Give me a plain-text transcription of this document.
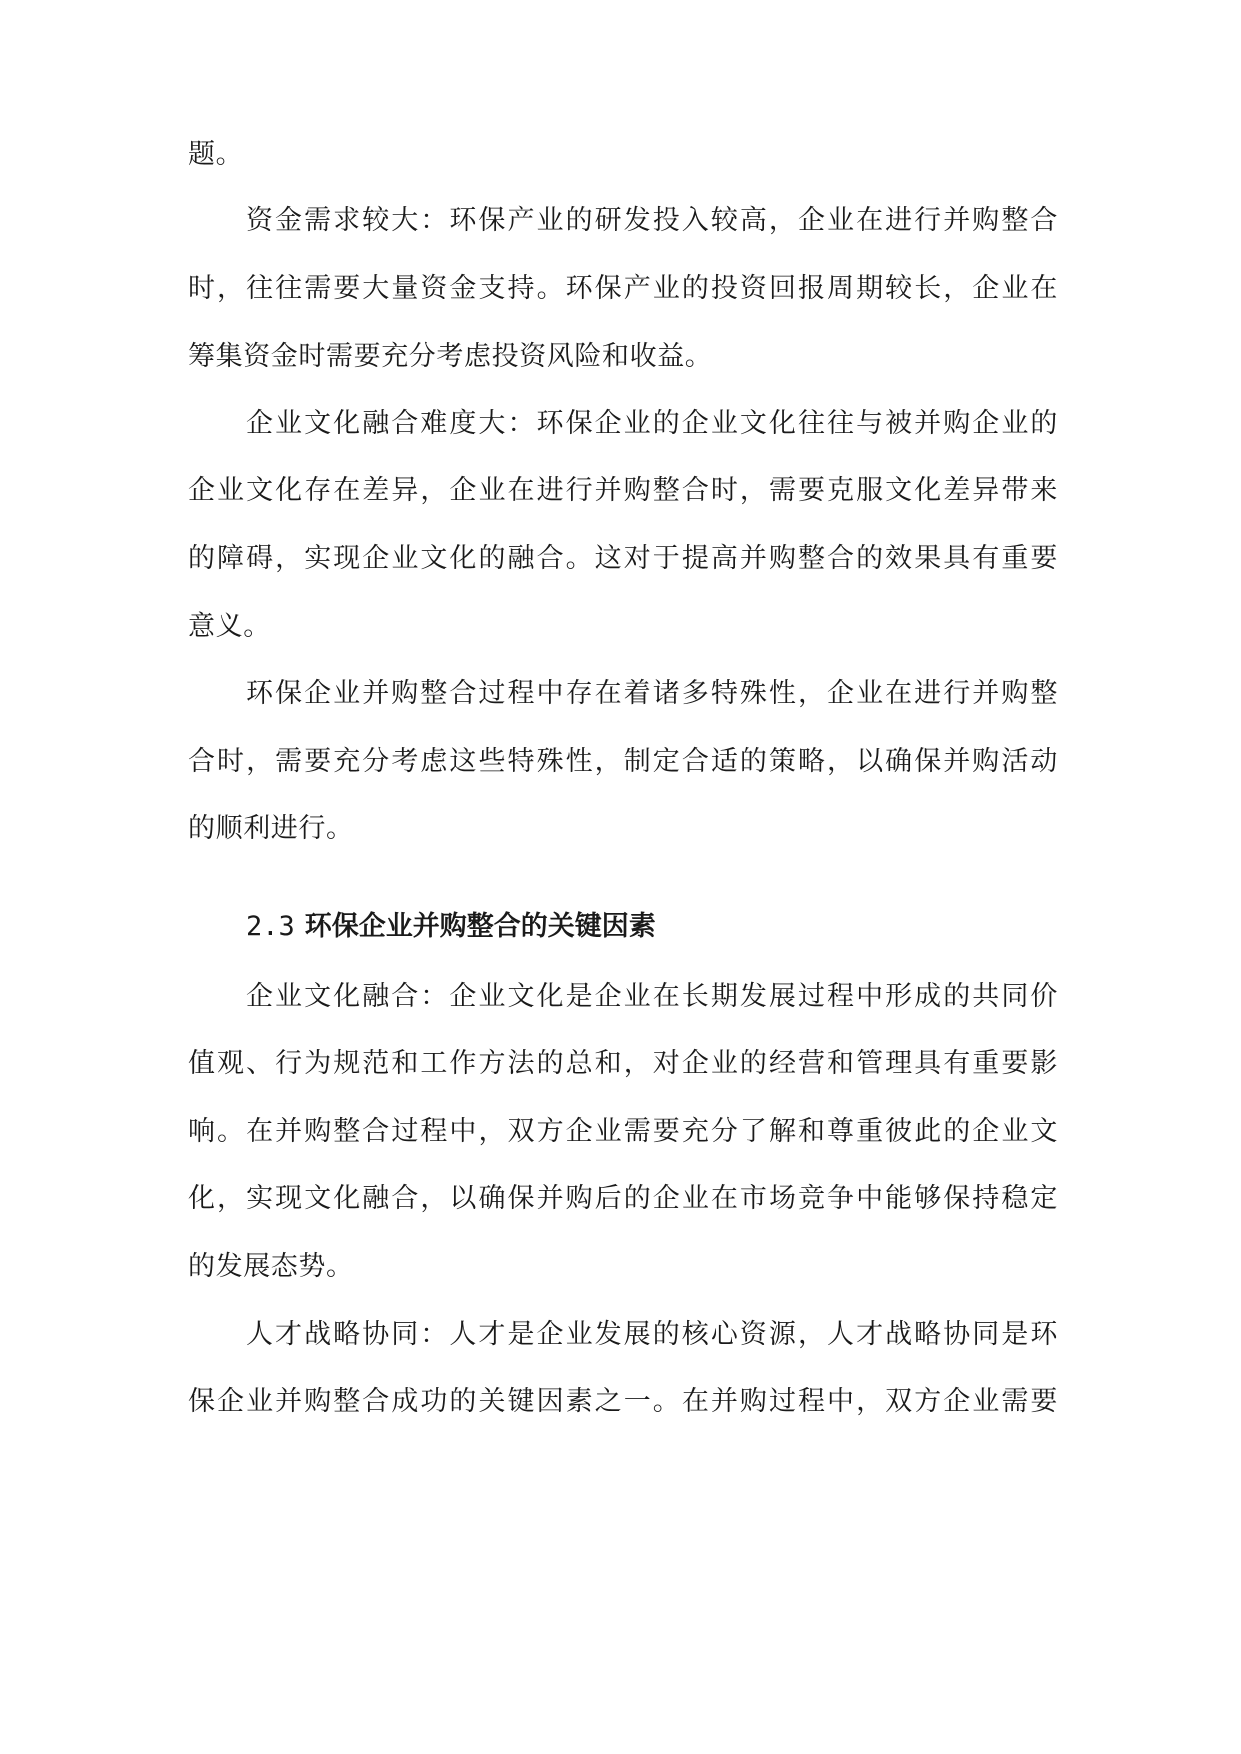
题。
资金需求较大：环保产业的研发投入较高，企业在进行并购整合
时，往往需要大量资金支持。环保产业的投资回报周期较长，企业在
筹集资金时需要充分考虑投资风险和收益。
企业文化融合难度大：环保企业的企业文化往往与被并购企业的
企业文化存在差异，企业在进行并购整合时，需要克服文化差异带来
的障碍，实现企业文化的融合。这对于提高并购整合的效果具有重要
意义。
环保企业并购整合过程中存在着诸多特殊性，企业在进行并购整
合时，需要充分考虑这些特殊性，制定合适的策略，以确保并购活动
的顺利进行。
2.3 环保企业并购整合的关键因素
企业文化融合：企业文化是企业在长期发展过程中形成的共同价
值观、行为规范和工作方法的总和，对企业的经营和管理具有重要影
响。在并购整合过程中，双方企业需要充分了解和尊重彼此的企业文
化，实现文化融合，以确保并购后的企业在市场竞争中能够保持稳定
的发展态势。
人才战略协同：人才是企业发展的核心资源，人才战略协同是环
保企业并购整合成功的关键因素之一。在并购过程中，双方企业需要
